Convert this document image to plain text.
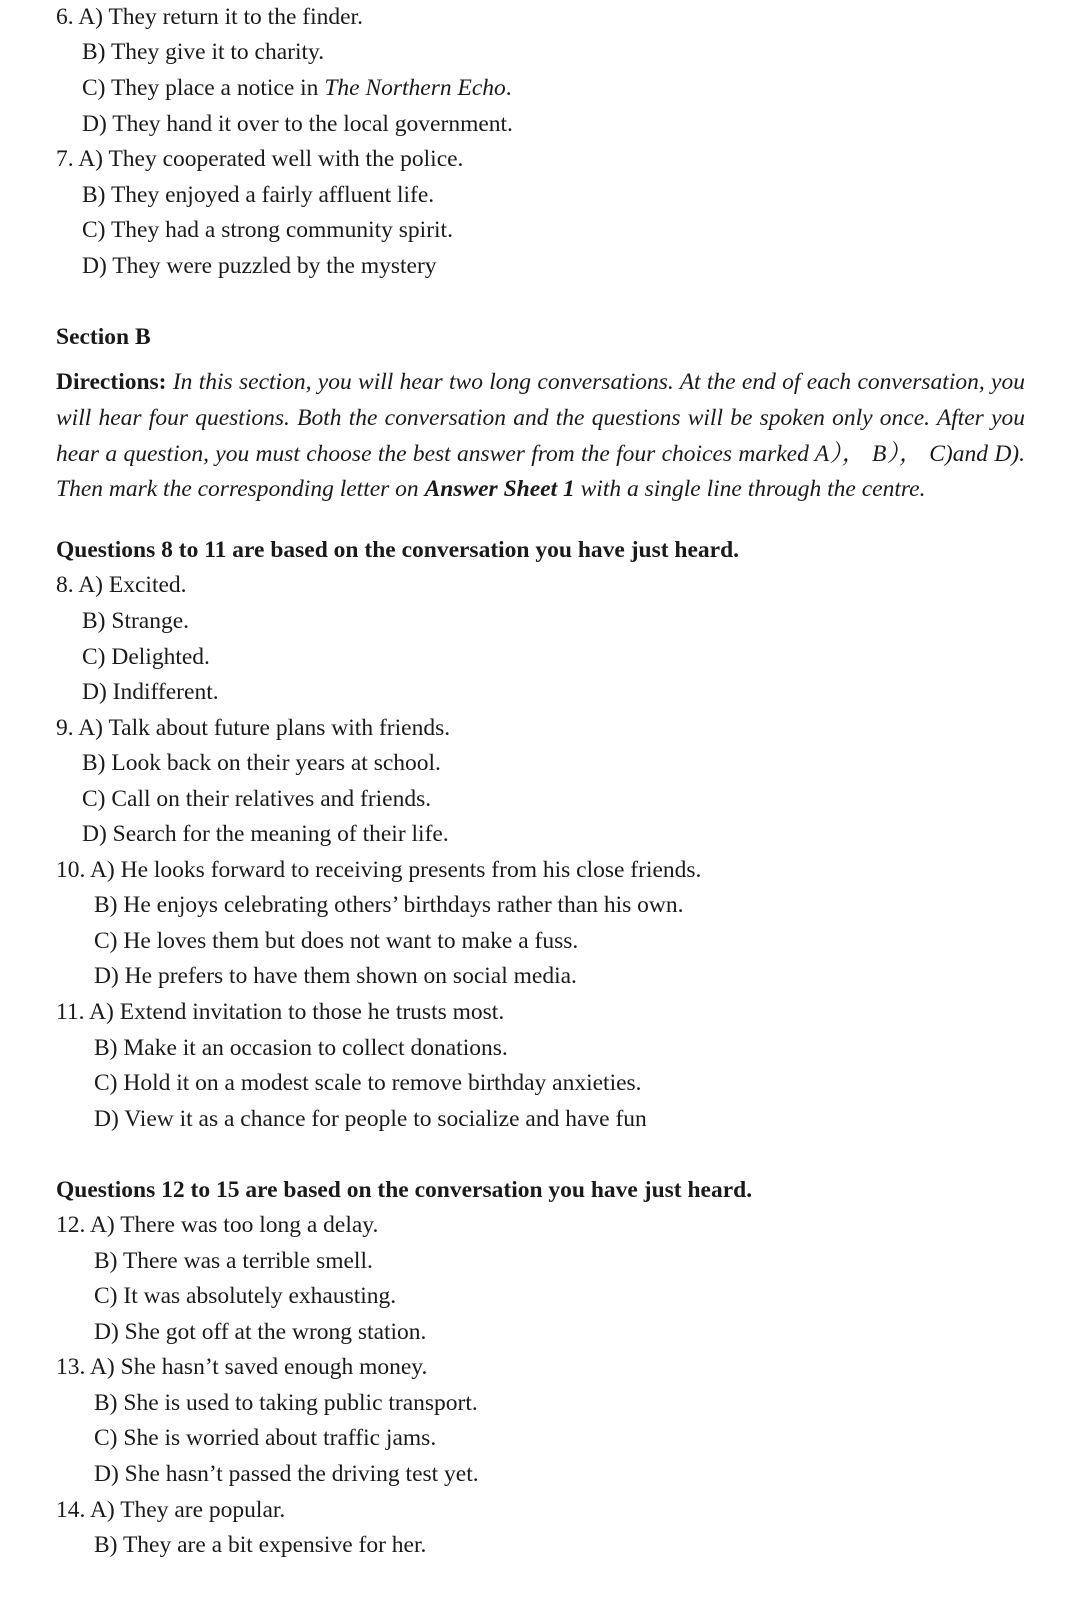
6. A) They return it to the finder.
B) They give it to charity.
C) They place a notice in The Northern Echo.
D) They hand it over to the local government.
7. A) They cooperated well with the police.
B) They enjoyed a fairly affluent life.
C) They had a strong community spirit.
D) They were puzzled by the mystery
Section B
Directions: In this section, you will hear two long conversations. At the end of each conversation, you will hear four questions. Both the conversation and the questions will be spoken only once. After you hear a question, you must choose the best answer from the four choices marked A）， B）， C)and D). Then mark the corresponding letter on Answer Sheet 1 with a single line through the centre.
Questions 8 to 11 are based on the conversation you have just heard.
8. A) Excited.
B) Strange.
C) Delighted.
D) Indifferent.
9. A) Talk about future plans with friends.
B) Look back on their years at school.
C) Call on their relatives and friends.
D) Search for the meaning of their life.
10. A) He looks forward to receiving presents from his close friends.
B) He enjoys celebrating others’ birthdays rather than his own.
C) He loves them but does not want to make a fuss.
D) He prefers to have them shown on social media.
11. A) Extend invitation to those he trusts most.
B) Make it an occasion to collect donations.
C) Hold it on a modest scale to remove birthday anxieties.
D) View it as a chance for people to socialize and have fun
Questions 12 to 15 are based on the conversation you have just heard.
12. A) There was too long a delay.
B) There was a terrible smell.
C) It was absolutely exhausting.
D) She got off at the wrong station.
13. A) She hasn’t saved enough money.
B) She is used to taking public transport.
C) She is worried about traffic jams.
D) She hasn’t passed the driving test yet.
14. A) They are popular.
B) They are a bit expensive for her.
